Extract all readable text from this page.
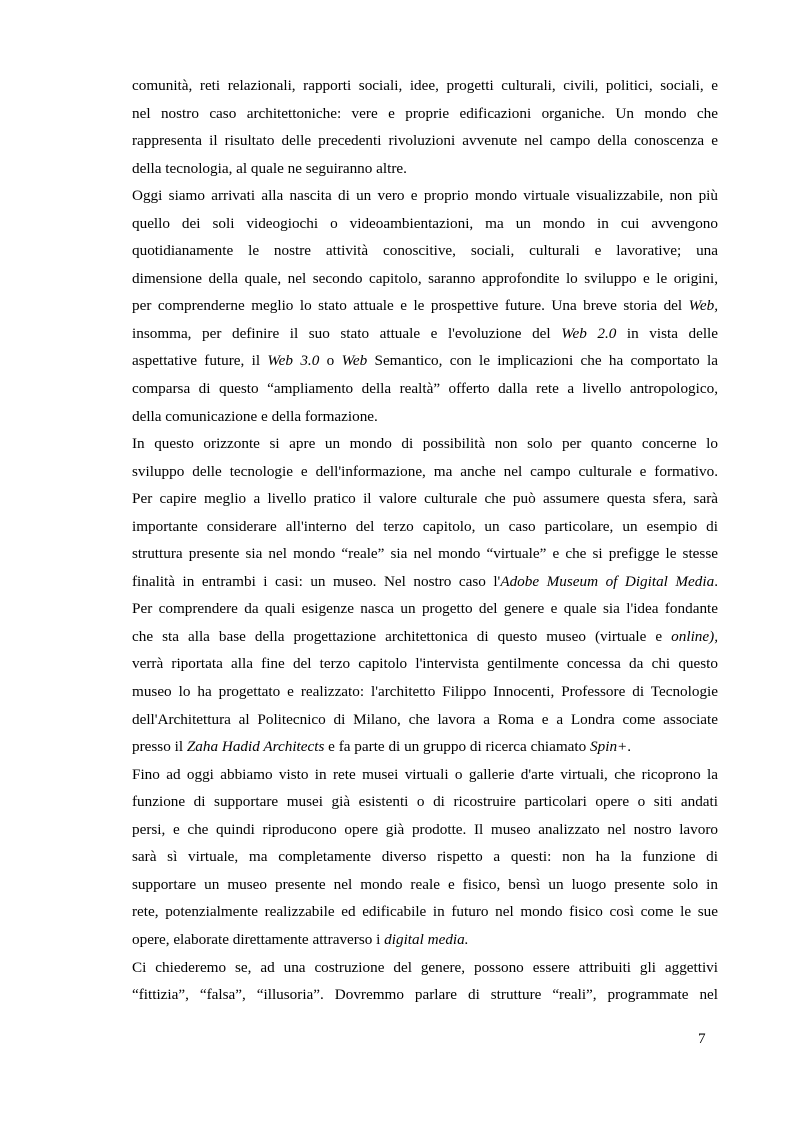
comunità, reti relazionali, rapporti sociali, idee, progetti culturali, civili, politici, sociali, e
nel nostro caso architettoniche: vere e proprie edificazioni organiche. Un mondo che
rappresenta il risultato delle precedenti rivoluzioni avvenute nel campo della conoscenza e
della tecnologia, al quale ne seguiranno altre.
Oggi siamo arrivati alla nascita di un vero e proprio mondo virtuale visualizzabile, non più
quello dei soli videogiochi o videoambientazioni, ma un mondo in cui avvengono
quotidianamente le nostre attività conoscitive, sociali, culturali e lavorative; una
dimensione della quale, nel secondo capitolo, saranno approfondite lo sviluppo e le origini,
per comprenderne meglio lo stato attuale e le prospettive future. Una breve storia del Web,
insomma, per definire il suo stato attuale e l'evoluzione del Web 2.0 in vista delle
aspettative future, il Web 3.0 o Web Semantico, con le implicazioni che ha comportato la
comparsa di questo “ampliamento della realtà” offerto dalla rete a livello antropologico,
della comunicazione e della formazione.
In questo orizzonte si apre un mondo di possibilità non solo per quanto concerne lo
sviluppo delle tecnologie e dell'informazione, ma anche nel campo culturale e formativo.
Per capire meglio a livello pratico il valore culturale che può assumere questa sfera, sarà
importante considerare all'interno del terzo capitolo, un caso particolare, un esempio di
struttura presente sia nel mondo “reale” sia nel mondo “virtuale” e che si prefigge le stesse
finalità in entrambi i casi: un museo. Nel nostro caso l'Adobe Museum of Digital Media.
Per comprendere da quali esigenze nasca un progetto del genere e quale sia l'idea fondante
che sta alla base della progettazione architettonica di questo museo (virtuale e online),
verrà riportata alla fine del terzo capitolo l'intervista gentilmente concessa da chi questo
museo lo ha progettato e realizzato: l'architetto Filippo Innocenti, Professore di Tecnologie
dell'Architettura al Politecnico di Milano, che lavora a Roma e a Londra come associate
presso il Zaha Hadid Architects e fa parte di un gruppo di ricerca chiamato Spin+.
Fino ad oggi abbiamo visto in rete musei virtuali o gallerie d'arte virtuali, che ricoprono la
funzione di supportare musei già esistenti o di ricostruire particolari opere o siti andati
persi, e che quindi riproducono opere già prodotte. Il museo analizzato nel nostro lavoro
sarà sì virtuale, ma completamente diverso rispetto a questi: non ha la funzione di
supportare un museo presente nel mondo reale e fisico, bensì un luogo presente solo in
rete, potenzialmente realizzabile ed edificabile in futuro nel mondo fisico così come le sue
opere, elaborate direttamente attraverso i digital media.
Ci chiederemo se, ad una costruzione del genere, possono essere attribuiti gli aggettivi
“fittizia”, “falsa”, “illusoria”. Dovremmo parlare di strutture “reali”, programmate nel
7
